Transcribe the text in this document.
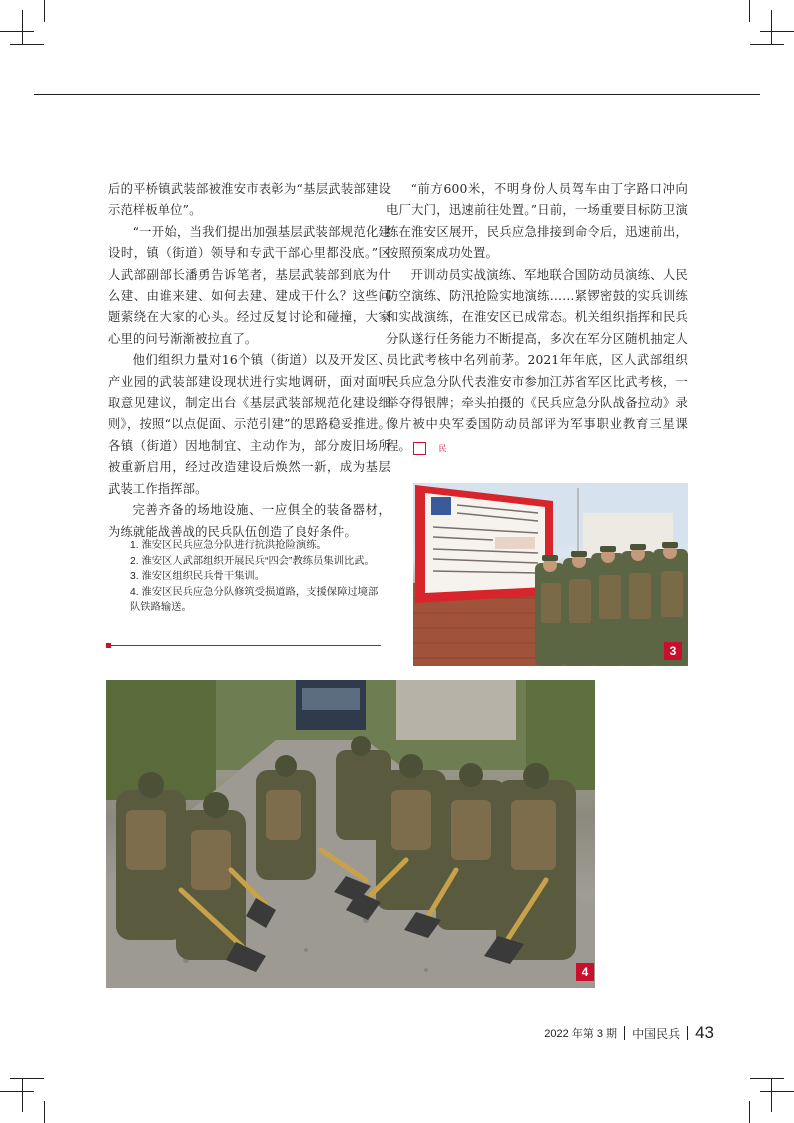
后的平桥镇武装部被淮安市表彰为“基层武装部建设示范样板单位”。

“一开始，当我们提出加强基层武装部规范化建设时，镇（街道）领导和专武干部心里都没底。”区人武部副部长潘勇告诉笔者，基层武装部到底为什么建、由谁来建、如何去建、建成干什么？这些问题萦绕在大家的心头。经过反复讨论和碰撞，大家心里的问号渐渐被拉直了。

他们组织力量对16个镇（街道）以及开发区、产业园的武装部建设现状进行实地调研，面对面听取意见建议，制定出台《基层武装部规范化建设细则》，按照“以点促面、示范引建”的思路稳妥推进。各镇（街道）因地制宜、主动作为，部分废旧场所被重新启用，经过改造建设后焕然一新，成为基层武装工作指挥部。

完善齐备的场地设施、一应俱全的装备器材，为练就能战善战的民兵队伍创造了良好条件。

“前方600米，不明身份人员驾车由丁字路口冲向电厂大门，迅速前往处置。”日前，一场重要目标防卫演练在淮安区展开，民兵应急排接到命令后，迅速前出，按照预案成功处置。

开训动员实战演练、军地联合国防动员演练、人民防空演练、防汛抢险实地演练……紧锣密鼓的实兵训练和实战演练，在淮安区已成常态。机关组织指挥和民兵分队遂行任务能力不断提高，多次在军分区随机抽定人员比武考核中名列前茅。2021年年底，区人武部组织民兵应急分队代表淮安市参加江苏省军区比武考核，一举夺得银牌；牵头拍摄的《民兵应急分队战备拉动》录像片被中央军委国防动员部评为军事职业教育三星课程。	民

1. 淮安区民兵应急分队进行抗洪抢险演练。
2. 淮安区人武部组织开展民兵“四会”教练员集训比武。
3. 淮安区组织民兵骨干集训。
4. 淮安区民兵应急分队修筑受损道路，支援保障过境部队铁路输送。
3
4
2022 年第 3 期 中国民兵 43
